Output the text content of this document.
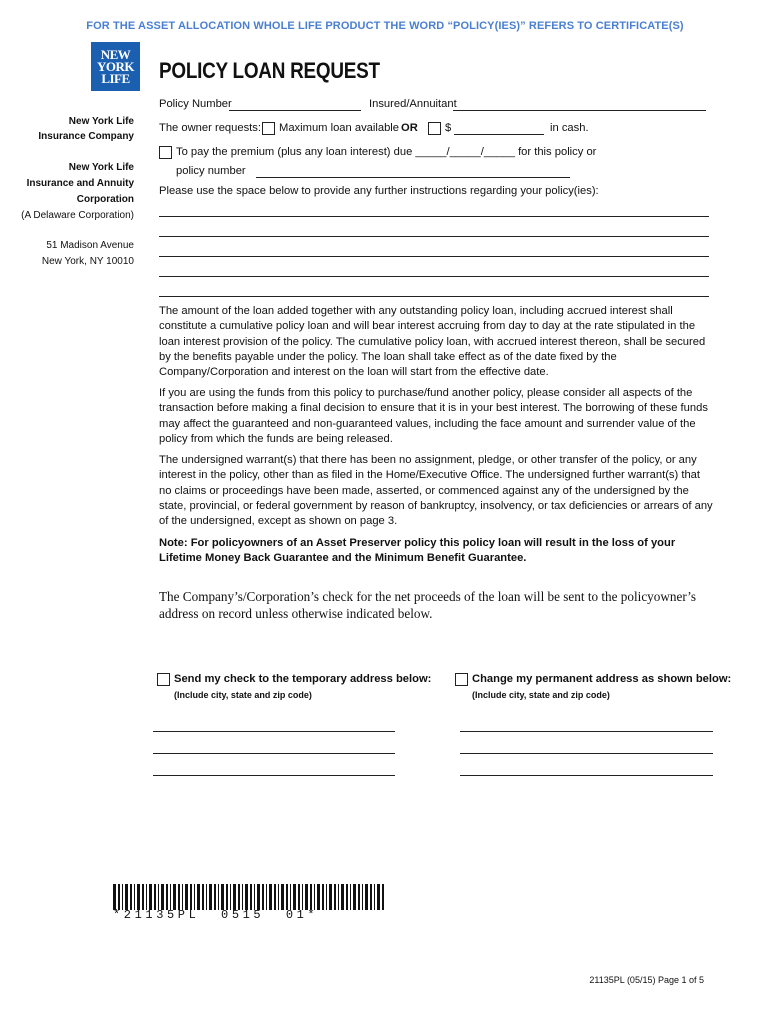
FOR THE ASSET ALLOCATION WHOLE LIFE PRODUCT THE WORD “POLICY(IES)” REFERS TO CERTIFICATE(S)
NEW
YORK
LIFE	POLICY LOAN REQUEST
New York Life
Insurance Company
New York Life
Insurance and Annuity
Corporation
(A Delaware Corporation)
51 Madison Avenue
New York, NY 10010
Policy Number	Insured/Annuitant
The owner requests: Maximum loan available OR $	in cash.
To pay the premium (plus any loan interest) due _____/_____/_____ for this policy or
policy number
Please use the space below to provide any further instructions regarding your policy(ies):
The amount of the loan added together with any outstanding policy loan, including accrued interest shall constitute a cumulative policy loan and will bear interest accruing from day to day at the rate stipulated in the loan interest provision of the policy. The cumulative policy loan, with accrued interest thereon, shall be secured by the benefits payable under the policy. The loan shall take effect as of the date fixed by the Company/Corporation and interest on the loan will start from the effective date.
If you are using the funds from this policy to purchase/fund another policy, please consider all aspects of the transaction before making a final decision to ensure that it is in your best interest. The borrowing of these funds may affect the guaranteed and non-guaranteed values, including the face amount and surrender value of the policy from which the funds are being released.
The undersigned warrant(s) that there has been no assignment, pledge, or other transfer of the policy, or any interest in the policy, other than as filed in the Home/Executive Office. The undersigned further warrant(s) that no claims or proceedings have been made, asserted, or commenced against any of the undersigned by the state, provincial, or federal government by reason of bankruptcy, insolvency, or tax deficiencies or arrears of any of the undersigned, except as shown on page 3.
Note: For policyowners of an Asset Preserver policy this policy loan will result in the loss of your Lifetime Money Back Guarantee and the Minimum Benefit Guarantee.
The Company’s/Corporation’s check for the net proceeds of the loan will be sent to the policyowner’s address on record unless otherwise indicated below.
Send my check to the temporary address below:
(Include city, state and zip code)
Change my permanent address as shown below:
(Include city, state and zip code)
*21135PL  0515  01*
21135PL (05/15) Page 1 of 5
